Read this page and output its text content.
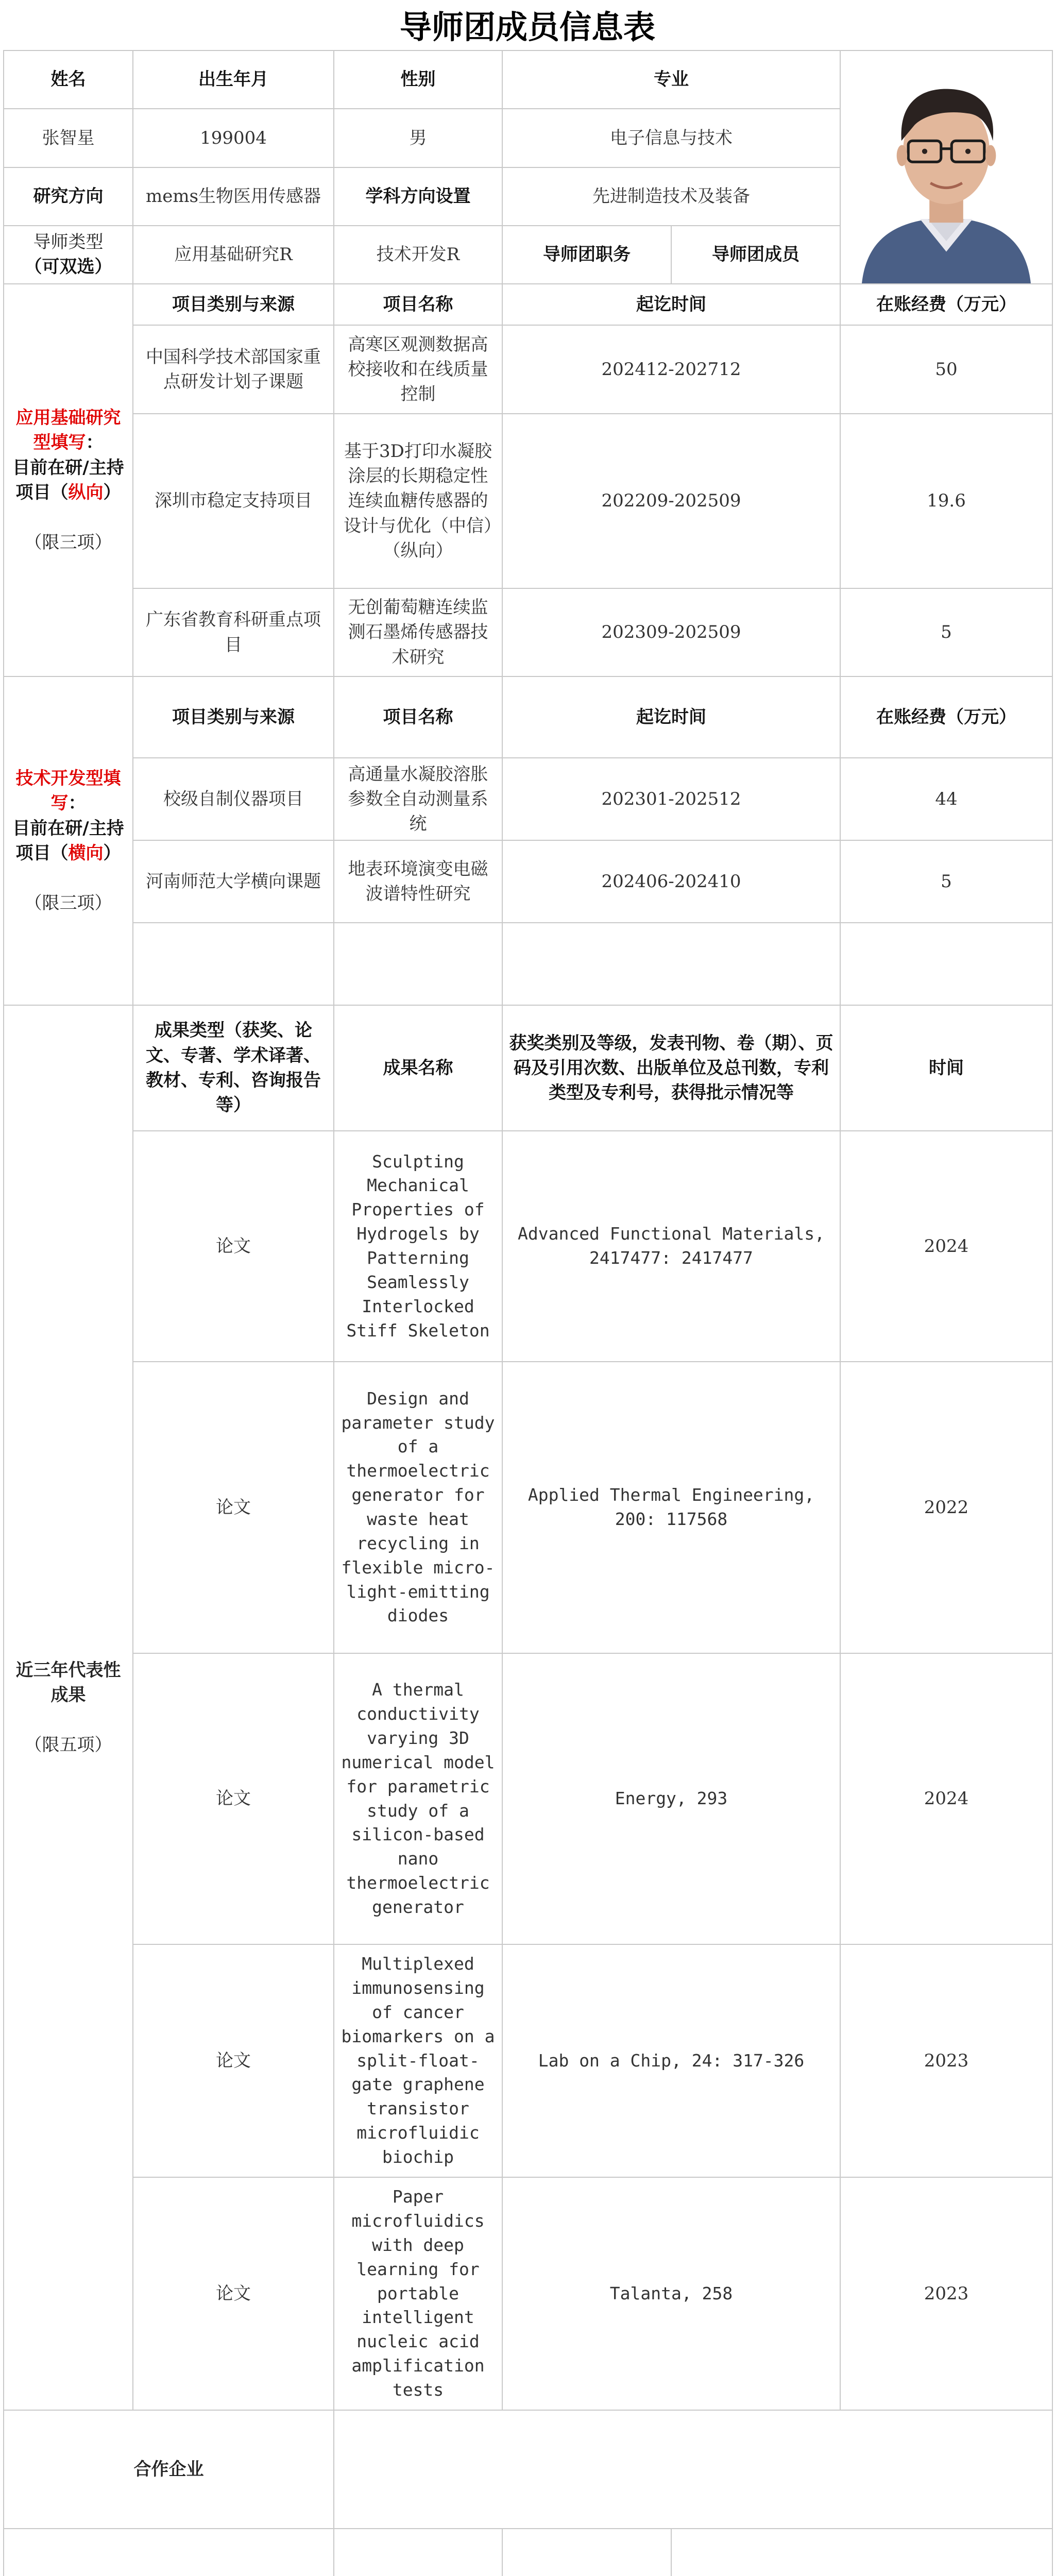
导师团成员信息表
姓名	出生年月	性别	专业	

张智星	199004	男	电子信息与技术		
研究方向	mems生物医用传感器	学科方向设置	先进制造技术及装备		
导师类型
（可双选）	应用基础研究R	技术开发R	导师团职务	导师团成员	
应用基础研究型填写：
目前在研/主持项目（纵向）

（限三项）	项目类别与来源	项目名称	起讫时间		在账经费（万元）
	中国科学技术部国家重点研发计划子课题	高寒区观测数据高校接收和在线质量控制	202412-202712		50
	深圳市稳定支持项目	基于3D打印水凝胶涂层的长期稳定性连续血糖传感器的设计与优化（中信）（纵向）	202209-202509		19.6
	广东省教育科研重点项目	无创葡萄糖连续监测石墨烯传感器技术研究	202309-202509		5
技术开发型填写：
目前在研/主持项目（横向）

（限三项）	项目类别与来源	项目名称	起讫时间		在账经费（万元）
	校级自制仪器项目	高通量水凝胶溶胀参数全自动测量系统	202301-202512		44
	河南师范大学横向课题	地表环境演变电磁波谱特性研究	202406-202410		5

近三年代表性成果

（限五项）	成果类型（获奖、论文、专著、学术译著、教材、专利、咨询报告等）	成果名称	获奖类别及等级，发表刊物、卷（期）、页码及引用次数、出版单位及总刊数，专利类型及专利号，获得批示情况等		时间
	论文	Sculpting Mechanical Properties of Hydrogels by Patterning Seamlessly Interlocked Stiff Skeleton	Advanced Functional Materials, 2417477: 2417477		2024
	论文	Design and parameter study of a thermoelectric generator for waste heat recycling in flexible micro-light-emitting diodes	Applied Thermal Engineering, 200: 117568		2022
	论文	A thermal conductivity varying 3D numerical model for parametric study of a silicon-based nano thermoelectric generator	Energy, 293		2024
	论文	Multiplexed immunosensing of cancer biomarkers on a split-float-gate graphene transistor microfluidic biochip	Lab on a Chip, 24: 317-326		2023
	论文	Paper microfluidics with deep learning for portable intelligent nucleic acid amplification tests	Talanta, 258		2023
合作企业					
